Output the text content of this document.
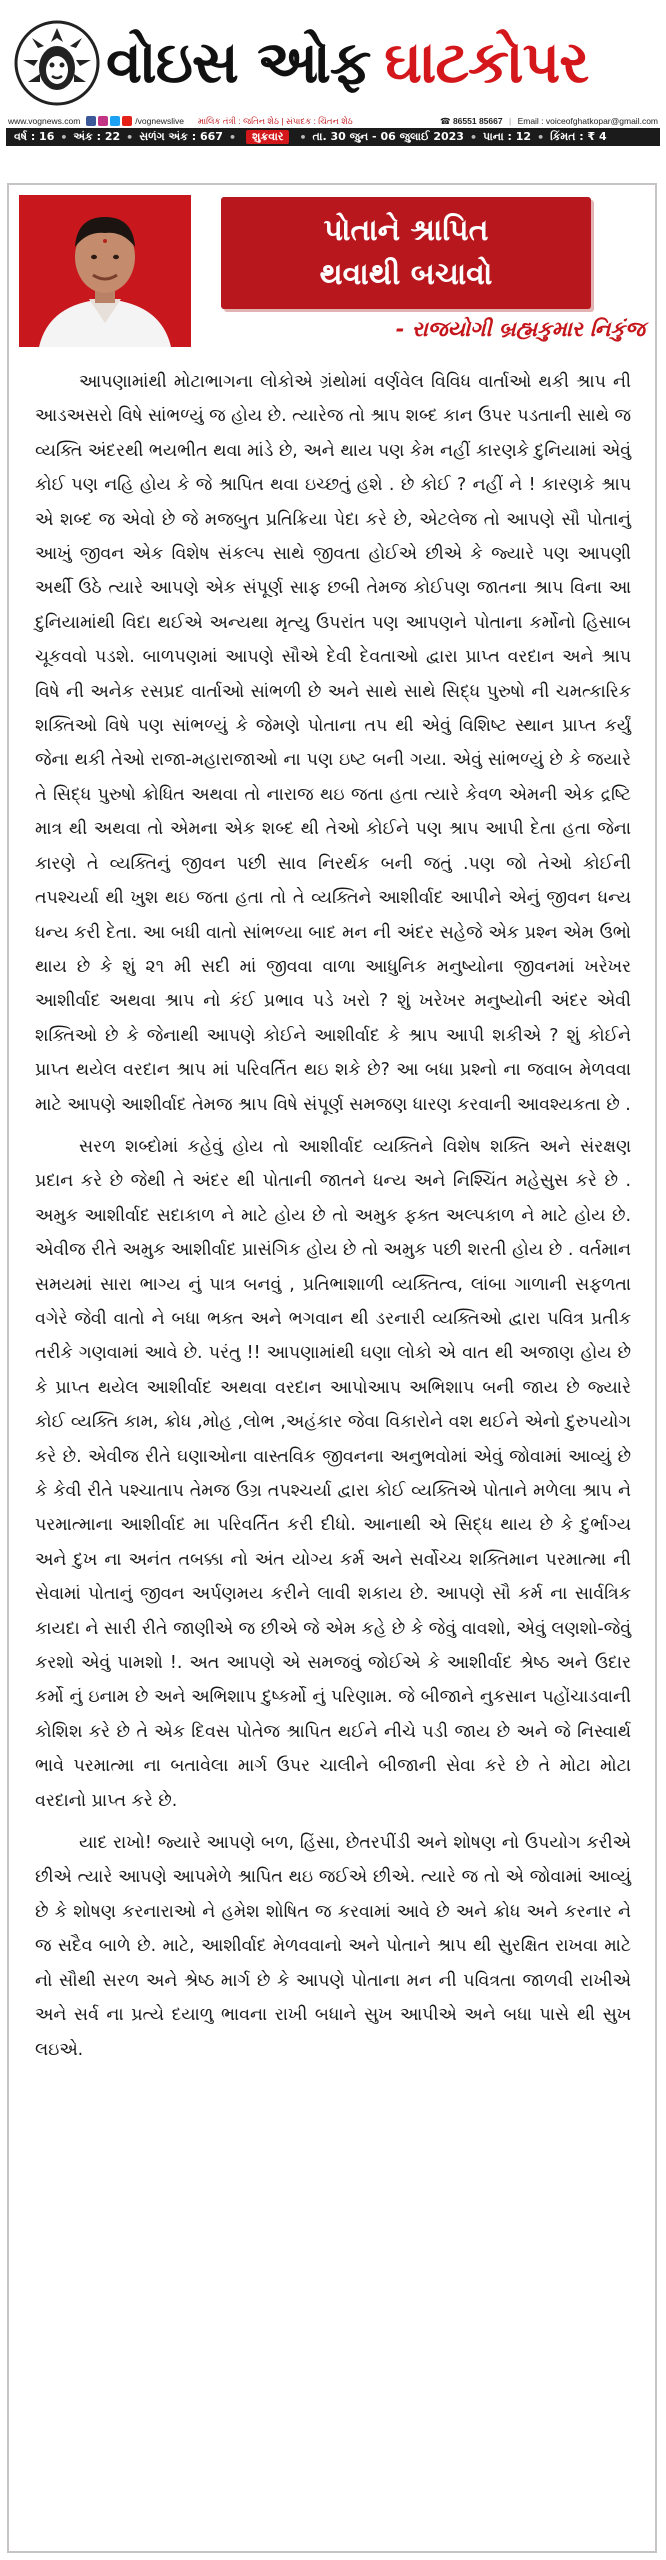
વોઇસ ઓફ ઘાટકોપર
www.vognews.com	/vognewslive માલિક તંત્રી : જતિન શેઠ | સંપાદક : ચિંતન શેઠ	☎ 86551 85667 | Email : voiceofghatkopar@gmail.com
વર્ષ : 16 • અંક : 22 • સળંગ અંક : 667 •	શુક્રવાર	• તા. 30 જુન - 06 જુલાઈ 2023 • પાના : 12 • કિંમત : ₹ 4
પોતાને શ્રાપિત
થવાથી બચાવો
- રાજયોગી બ્રહ્મકુમાર નિકુંજ

આપણામાંથી મોટાભાગના લોકોએ ગ્રંથોમાં વર્ણવેલ વિવિધ વાર્તાઓ થકી શ્રાપ ની આડઅસરો વિષે સાંભળ્યું જ હોય છે. ત્યારેજ તો શ્રાપ શબ્દ કાન ઉપર પડતાની સાથે જ વ્યક્તિ અંદરથી ભયભીત થવા માંડે છે, અને થાય પણ કેમ નહીં કારણકે દુનિયામાં એવું કોઈ પણ નહિ હોય કે જે શ્રાપિત થવા ઇચ્છતું હશે . છે કોઈ ? નહીં ને ! કારણકે શ્રાપ એ શબ્દ જ એવો છે જે મજબુત પ્રતિક્રિયા પેદા કરે છે, એટલેજ તો આપણે સૌ પોતાનું આખું જીવન એક વિશેષ સંકલ્પ સાથે જીવતા હોઈએ છીએ કે જ્યારે પણ આપણી અર્થી ઉઠે ત્યારે આપણે એક સંપૂર્ણ સાફ છબી તેમજ કોઈપણ જાતના શ્રાપ વિના આ દુનિયામાંથી વિદા થઈએ અન્યથા મૃત્યુ ઉપરાંત પણ આપણને પોતાના કર્મોનો હિસાબ ચૂકવવો પડશે. બાળપણમાં આપણે સૌએ દેવી દેવતાઓ દ્વારા પ્રાપ્ત વરદાન અને શ્રાપ વિષે ની અનેક રસપ્રદ વાર્તાઓ સાંભળી છે અને સાથે સાથે સિદ્ધ પુરુષો ની ચમત્કારિક શક્તિઓ વિષે પણ સાંભળ્યું કે જેમણે પોતાના તપ થી એવું વિશિષ્ટ સ્થાન પ્રાપ્ત કર્યું જેના થકી તેઓ રાજા-મહારાજાઓ ના પણ ઇષ્ટ બની ગયા. એવું સાંભળ્યું છે કે જયારે તે સિદ્ધ પુરુષો ક્રોધિત અથવા તો નારાજ થઇ જતા હતા ત્યારે કેવળ એમની એક દ્રષ્ટિ માત્ર થી અથવા તો એમના એક શબ્દ થી તેઓ કોઈને પણ શ્રાપ આપી દેતા હતા જેના કારણે તે વ્યક્તિનું જીવન પછી સાવ નિરર્થક બની જતું .પણ જો તેઓ કોઈની તપશ્ચર્યા થી ખુશ થઇ જતા હતા તો તે વ્યક્તિને આશીર્વાદ આપીને એનું જીવન ધન્ય ધન્ય કરી દેતા. આ બધી વાતો સાંભળ્યા બાદ મન ની અંદર સહેજે એક પ્રશ્ન એમ ઉભો થાય છે કે શું ૨૧ મી સદી માં જીવવા વાળા આધુનિક મનુષ્યોના જીવનમાં ખરેખર આશીર્વાદ અથવા શ્રાપ નો કંઈ પ્રભાવ પડે ખરો ? શું ખરેખર મનુષ્યોની અંદર એવી શક્તિઓ છે કે જેનાથી આપણે કોઈને આશીર્વાદ કે શ્રાપ આપી શકીએ ? શું કોઈને પ્રાપ્ત થયેલ વરદાન શ્રાપ માં પરિવર્તિત થઇ શકે છે? આ બધા પ્રશ્નો ના જવાબ મેળવવા માટે આપણે આશીર્વાદ તેમજ શ્રાપ વિષે સંપૂર્ણ સમજણ ધારણ કરવાની આવશ્યકતા છે .

સરળ શબ્દોમાં કહેવું હોય તો આશીર્વાદ વ્યક્તિને વિશેષ શક્તિ અને સંરક્ષણ પ્રદાન કરે છે જેથી તે અંદર થી પોતાની જાતને ધન્ય અને નિશ્ચિંત મહેસુસ કરે છે . અમુક આશીર્વાદ સદાકાળ ને માટે હોય છે તો અમુક ફક્ત અલ્પકાળ ને માટે હોય છે. એવીજ રીતે અમુક આશીર્વાદ પ્રાસંગિક હોય છે તો અમુક પછી શરતી હોય છે . વર્તમાન સમયમાં સારા ભાગ્ય નું પાત્ર બનવું , પ્રતિભાશાળી વ્યક્તિત્વ, લાંબા ગાળાની સફળતા વગેરે જેવી વાતો ને બધા ભક્ત અને ભગવાન થી ડરનારી વ્યક્તિઓ દ્વારા પવિત્ર પ્રતીક તરીકે ગણવામાં આવે છે. પરંતુ !! આપણામાંથી ઘણા લોકો એ વાત થી અજાણ હોય છે કે પ્રાપ્ત થયેલ આશીર્વાદ અથવા વરદાન આપોઆપ અભિશાપ બની જાય છે જ્યારે કોઈ વ્યક્તિ કામ, ક્રોધ ,મોહ ,લોભ ,અહંકાર જેવા વિકારોને વશ થઈને એનો દુરુપયોગ કરે છે. એવીજ રીતે ઘણાઓના વાસ્તવિક જીવનના અનુભવોમાં એવું જોવામાં આવ્યું છે કે કેવી રીતે પશ્ચાતાપ તેમજ ઉગ્ર તપશ્ચર્યા દ્વારા કોઈ વ્યક્તિએ પોતાને મળેલા શ્રાપ ને પરમાત્માના આશીર્વાદ મા પરિવર્તિત કરી દીધો. આનાથી એ સિદ્ધ થાય છે કે દુર્ભાગ્ય અને દુખ ના અનંત તબક્કા નો અંત યોગ્ય કર્મ અને સર્વોચ્ચ શક્તિમાન પરમાત્મા ની સેવામાં પોતાનું જીવન અર્પણમય કરીને લાવી શકાય છે. આપણે સૌ કર્મ ના સાર્વત્રિક કાયદા ને સારી રીતે જાણીએ જ છીએ જે એમ કહે છે કે જેવું વાવશો, એવું લણશો-જેવું કરશો એવું પામશો !. અત આપણે એ સમજવું જોઈએ કે આશીર્વાદ શ્રેષ્ઠ અને ઉદાર કર્મો નું ઇનામ છે અને અભિશાપ દુષ્કર્મો નું પરિણામ. જે બીજાને નુકસાન પહોંચાડવાની કોશિશ કરે છે તે એક દિવસ પોતેજ શ્રાપિત થઈને નીચે પડી જાય છે અને જે નિસ્વાર્થ ભાવે પરમાત્મા ના બતાવેલા માર્ગ ઉપર ચાલીને બીજાની સેવા કરે છે તે મોટા મોટા વરદાનો પ્રાપ્ત કરે છે.

યાદ રાખો! જ્યારે આપણે બળ, હિંસા, છેતરપીંડી અને શોષણ નો ઉપયોગ કરીએ છીએ ત્યારે આપણે આપમેળે શ્રાપિત થઇ જઈએ છીએ. ત્યારે જ તો એ જોવામાં આવ્યું છે કે શોષણ કરનારાઓ ને હમેશ શોષિત જ કરવામાં આવે છે અને ક્રોધ અને કરનાર ને જ સદૈવ બાળે છે. માટે, આશીર્વાદ મેળવવાનો અને પોતાને શ્રાપ થી સુરક્ષિત રાખવા માટે નો સૌથી સરળ અને શ્રેષ્ઠ માર્ગ છે કે આપણે પોતાના મન ની પવિત્રતા જાળવી રાખીએ અને સર્વ ના પ્રત્યે દયાળુ ભાવના રાખી બધાને સુખ આપીએ અને બધા પાસે થી સુખ લઇએ.
